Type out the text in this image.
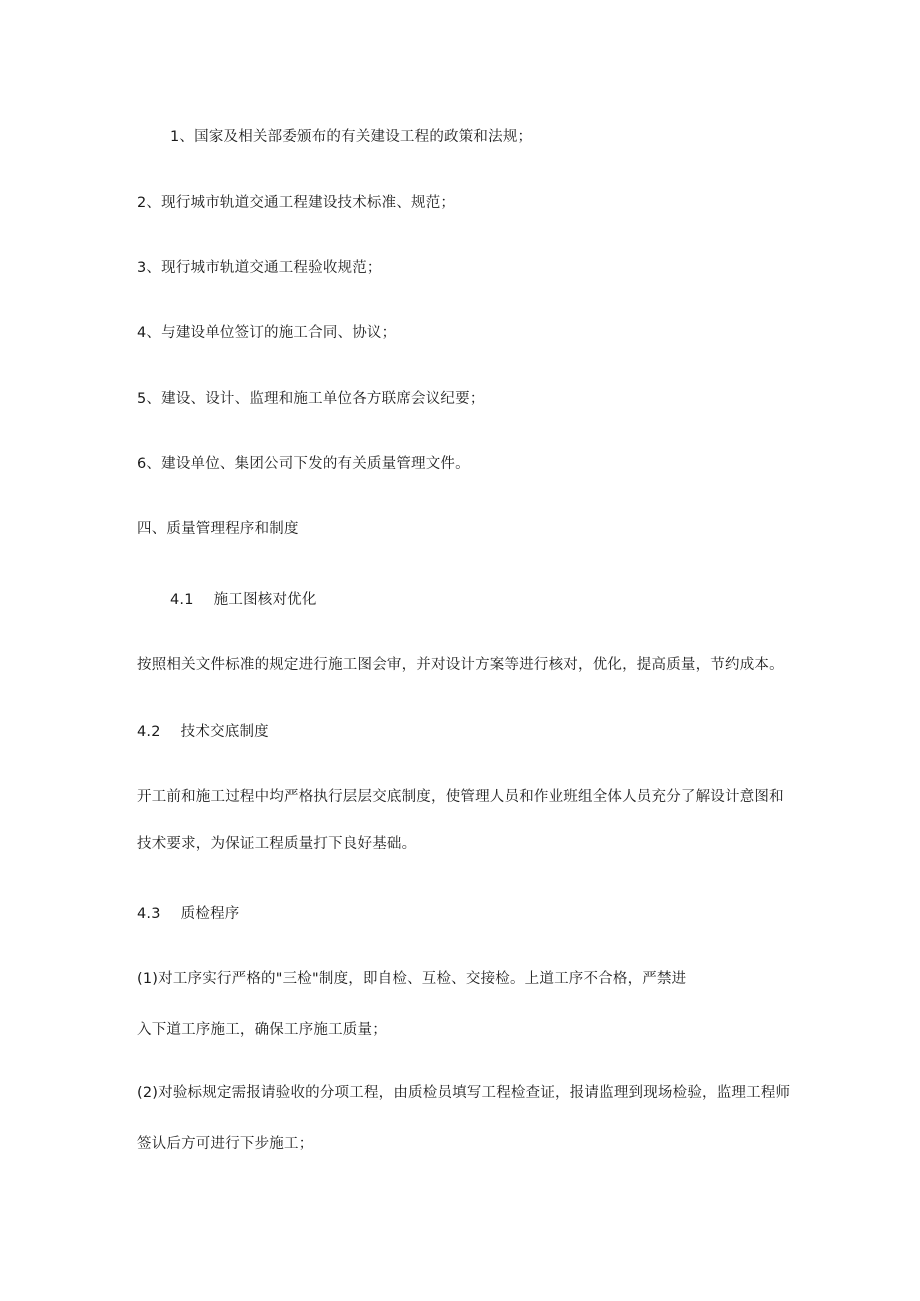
1、国家及相关部委颁布的有关建设工程的政策和法规；
2、现行城市轨道交通工程建设技术标准、规范；
3、现行城市轨道交通工程验收规范；
4、与建设单位签订的施工合同、协议；
5、建设、设计、监理和施工单位各方联席会议纪要；
6、建设单位、集团公司下发的有关质量管理文件。
四、质量管理程序和制度
4.1 施工图核对优化
按照相关文件标准的规定进行施工图会审，并对设计方案等进行核对，优化，提高质量，节约成本。
4.2 技术交底制度
开工前和施工过程中均严格执行层层交底制度，使管理人员和作业班组全体人员充分了解设计意图和
技术要求，为保证工程质量打下良好基础。
4.3 质检程序
(1)对工序实行严格的"三检"制度，即自检、互检、交接检。上道工序不合格，严禁进
入下道工序施工，确保工序施工质量；
(2)对验标规定需报请验收的分项工程，由质检员填写工程检查证，报请监理到现场检验，监理工程师
签认后方可进行下步施工；
